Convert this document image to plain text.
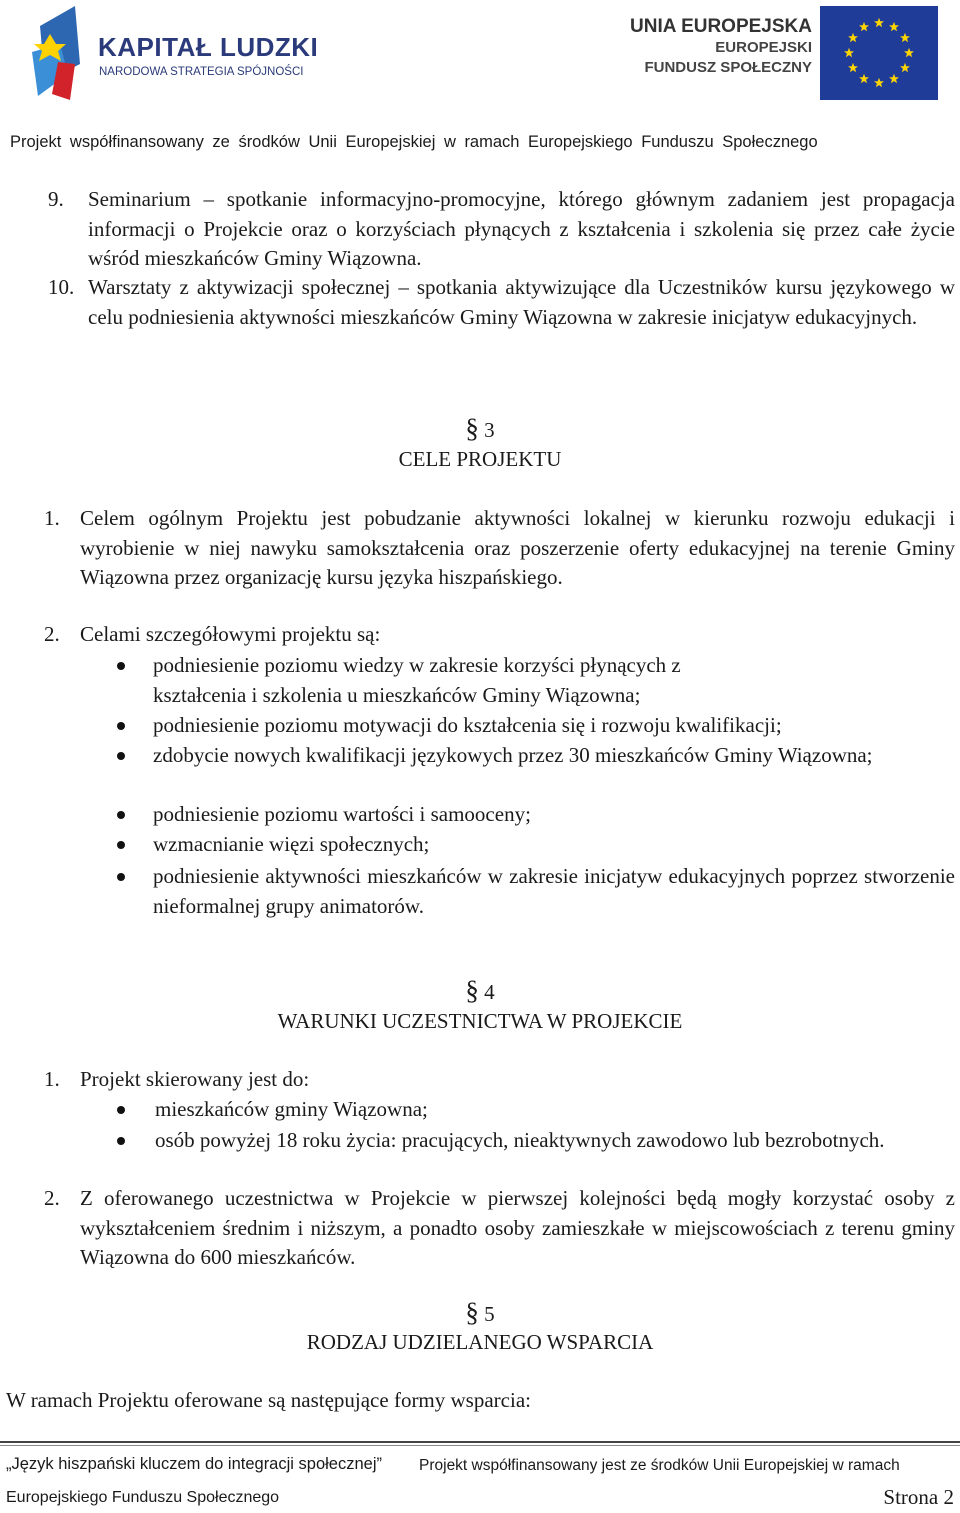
KAPITAŁ LUDZKI
NARODOWA STRATEGIA SPÓJNOŚCI
UNIA EUROPEJSKA
EUROPEJSKI
FUNDUSZ SPOŁECZNY
Projekt współfinansowany ze środków Unii Europejskiej w ramach Europejskiego Funduszu Społecznego
9. Seminarium – spotkanie informacyjno-promocyjne, którego głównym zadaniem jest propagacja informacji o Projekcie oraz o korzyściach płynących z kształcenia i szkolenia się przez całe życie wśród mieszkańców Gminy Wiązowna.
10. Warsztaty z aktywizacji społecznej – spotkania aktywizujące dla Uczestników kursu językowego w celu podniesienia aktywności mieszkańców Gminy Wiązowna w zakresie inicjatyw edukacyjnych.
§ 3
CELE PROJEKTU
1. Celem ogólnym Projektu jest pobudzanie aktywności lokalnej w kierunku rozwoju edukacji i wyrobienie w niej nawyku samokształcenia oraz poszerzenie oferty edukacyjnej na terenie Gminy Wiązowna przez organizację kursu języka hiszpańskiego.
2. Celami szczegółowymi projektu są:
podniesienie poziomu wiedzy w zakresie korzyści płynących z kształcenia i szkolenia u mieszkańców Gminy Wiązowna;
podniesienie poziomu motywacji do kształcenia się i rozwoju kwalifikacji;
zdobycie nowych kwalifikacji językowych przez 30 mieszkańców Gminy Wiązowna;
podniesienie poziomu wartości i samooceny;
wzmacnianie więzi społecznych;
podniesienie aktywności mieszkańców w zakresie inicjatyw edukacyjnych poprzez stworzenie nieformalnej grupy animatorów.
§ 4
WARUNKI UCZESTNICTWA W PROJEKCIE
1. Projekt skierowany jest do:
mieszkańców gminy Wiązowna;
osób powyżej 18 roku życia: pracujących, nieaktywnych zawodowo lub bezrobotnych.
2. Z oferowanego uczestnictwa w Projekcie w pierwszej kolejności będą mogły korzystać osoby z wykształceniem średnim i niższym, a ponadto osoby zamieszkałe w miejscowościach z terenu gminy Wiązowna do 600 mieszkańców.
§ 5
RODZAJ UDZIELANEGO WSPARCIA
W ramach Projektu oferowane są następujące formy wsparcia:
„Język hiszpański kluczem do integracji społecznej” Projekt współfinansowany jest ze środków Unii Europejskiej w ramach
Europejskiego Funduszu Społecznego	Strona 2
